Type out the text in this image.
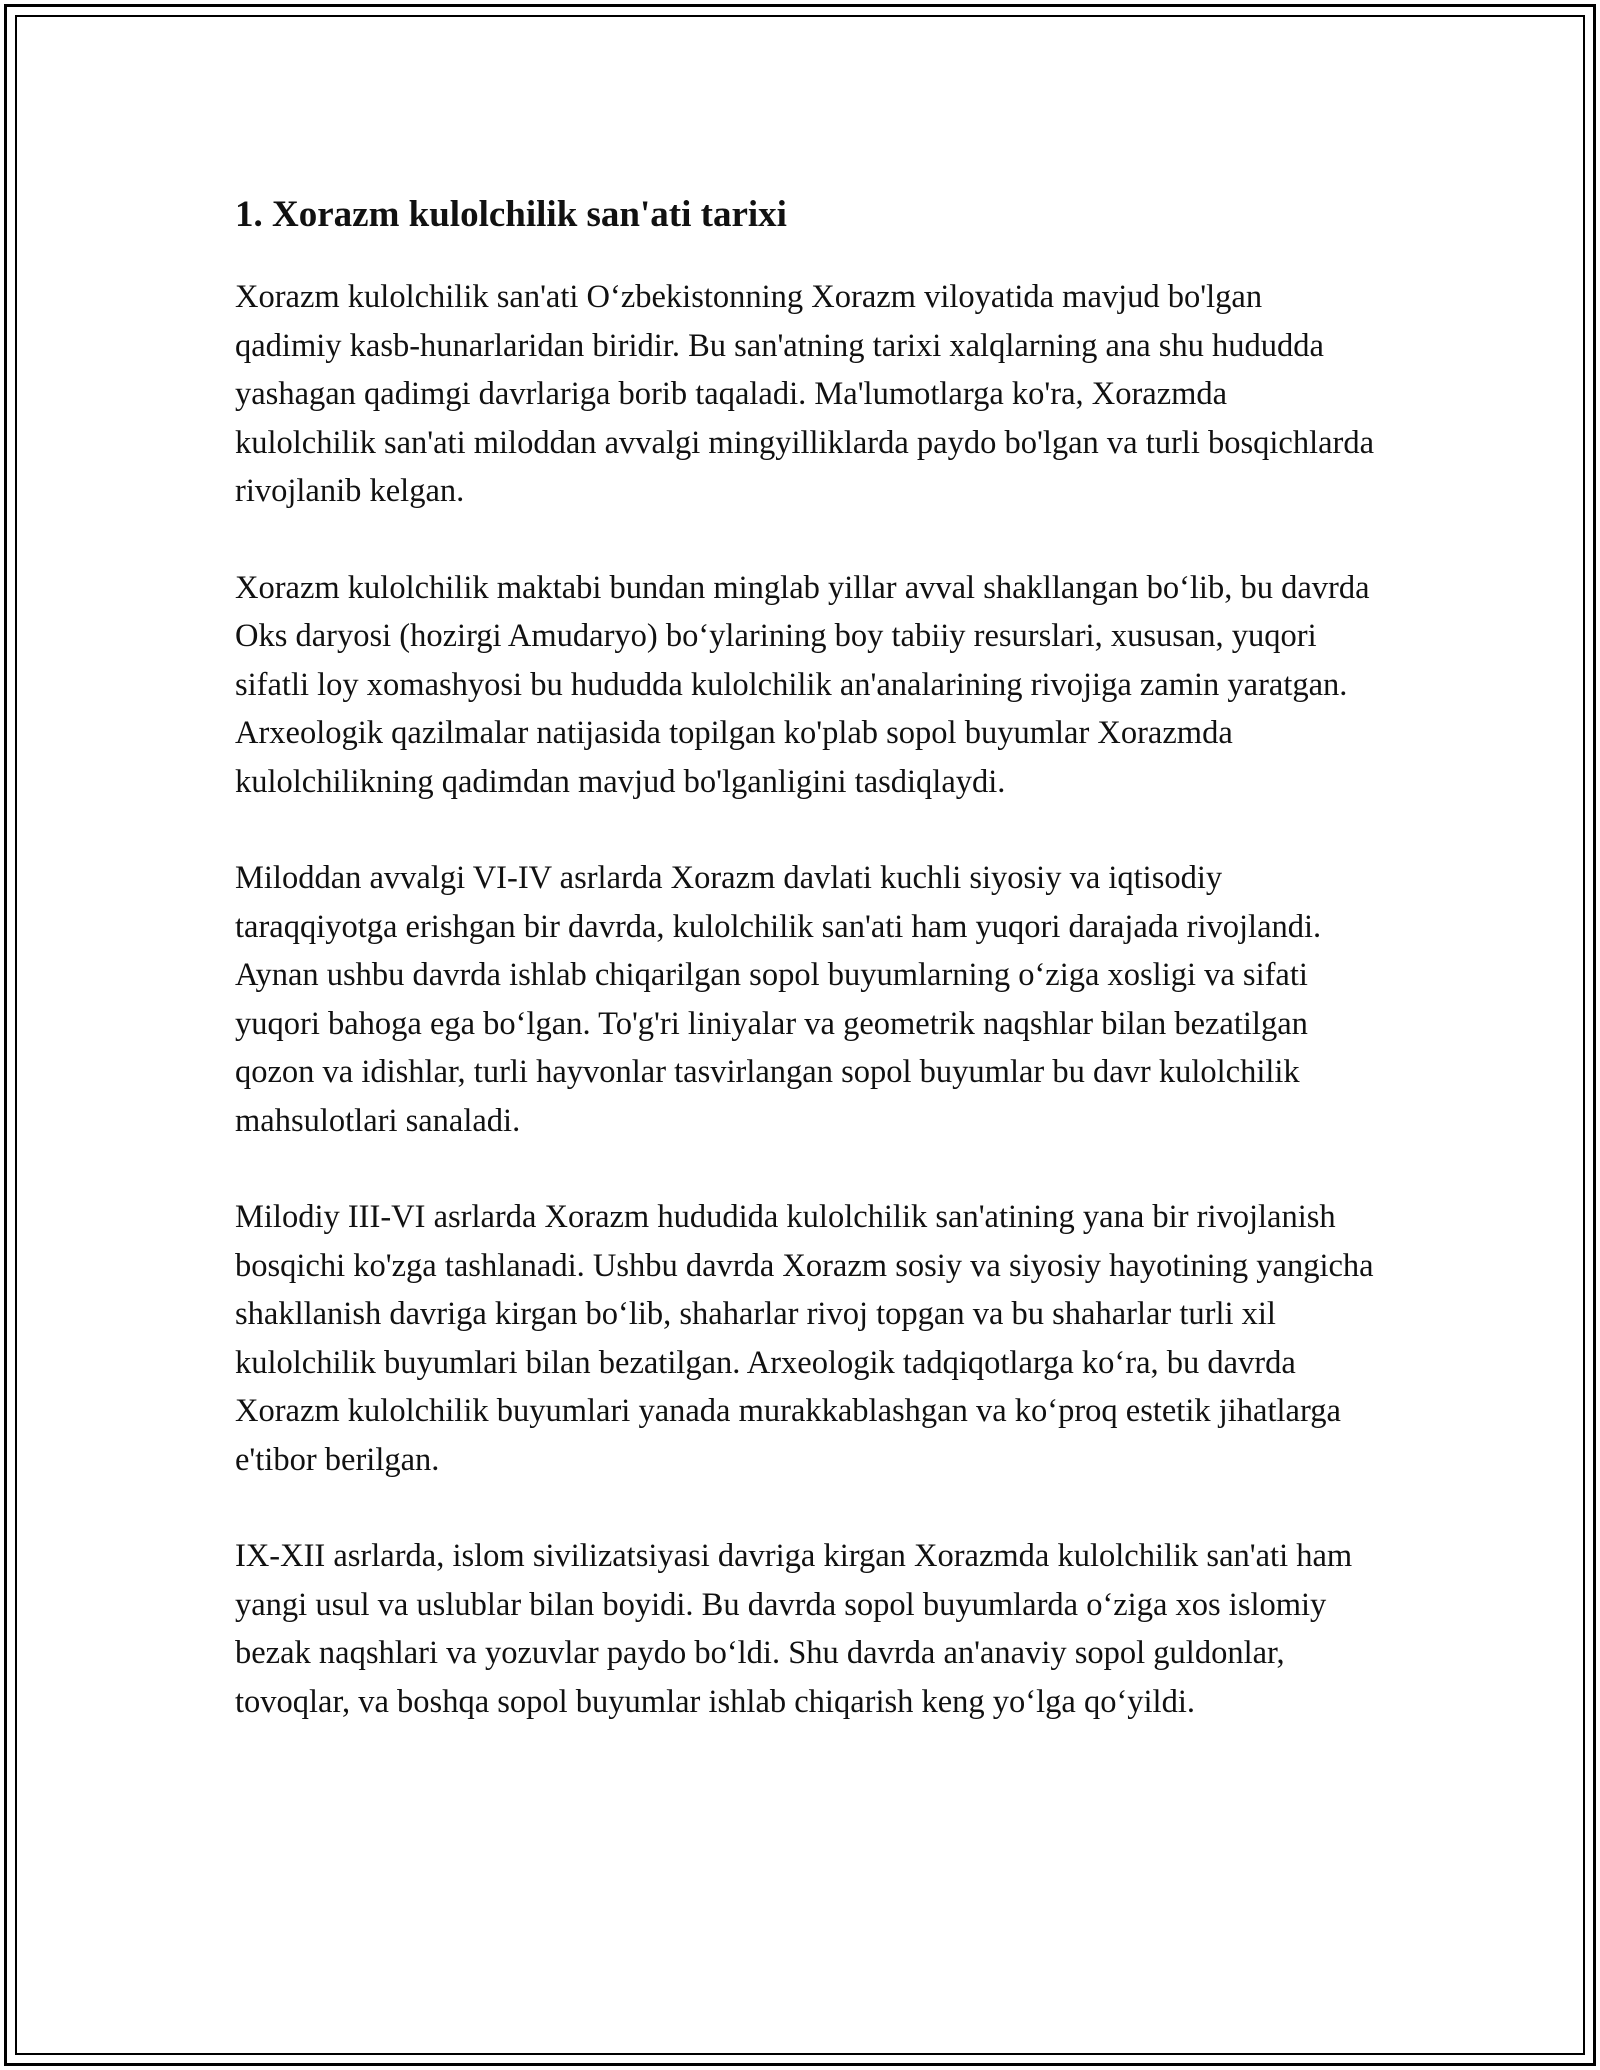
1. Xorazm kulolchilik san'ati tarixi

Xorazm kulolchilik san'ati O‘zbekistonning Xorazm viloyatida mavjud bo'lgan qadimiy kasb-hunarlaridan biridir. Bu san'atning tarixi xalqlarning ana shu hududda yashagan qadimgi davrlariga borib taqaladi. Ma'lumotlarga ko'ra, Xorazmda kulolchilik san'ati miloddan avvalgi mingyilliklarda paydo bo'lgan va turli bosqichlarda rivojlanib kelgan.

Xorazm kulolchilik maktabi bundan minglab yillar avval shakllangan bo‘lib, bu davrda Oks daryosi (hozirgi Amudaryo) bo‘ylarining boy tabiiy resurslari, xususan, yuqori sifatli loy xomashyosi bu hududda kulolchilik an'analarining rivojiga zamin yaratgan. Arxeologik qazilmalar natijasida topilgan ko'plab sopol buyumlar Xorazmda kulolchilikning qadimdan mavjud bo'lganligini tasdiqlaydi.

Miloddan avvalgi VI-IV asrlarda Xorazm davlati kuchli siyosiy va iqtisodiy taraqqiyotga erishgan bir davrda, kulolchilik san'ati ham yuqori darajada rivojlandi. Aynan ushbu davrda ishlab chiqarilgan sopol buyumlarning o‘ziga xosligi va sifati yuqori bahoga ega bo‘lgan. To'g'ri liniyalar va geometrik naqshlar bilan bezatilgan qozon va idishlar, turli hayvonlar tasvirlangan sopol buyumlar bu davr kulolchilik mahsulotlari sanaladi.

Milodiy III-VI asrlarda Xorazm hududida kulolchilik san'atining yana bir rivojlanish bosqichi ko'zga tashlanadi. Ushbu davrda Xorazm sosiy va siyosiy hayotining yangicha shakllanish davriga kirgan bo‘lib, shaharlar rivoj topgan va bu shaharlar turli xil kulolchilik buyumlari bilan bezatilgan. Arxeologik tadqiqotlarga ko‘ra, bu davrda Xorazm kulolchilik buyumlari yanada murakkablashgan va ko‘proq estetik jihatlarga e'tibor berilgan.

IX-XII asrlarda, islom sivilizatsiyasi davriga kirgan Xorazmda kulolchilik san'ati ham yangi usul va uslublar bilan boyidi. Bu davrda sopol buyumlarda o‘ziga xos islomiy bezak naqshlari va yozuvlar paydo bo‘ldi. Shu davrda an'anaviy sopol guldonlar, tovoqlar, va boshqa sopol buyumlar ishlab chiqarish keng yo‘lga qo‘yildi.
